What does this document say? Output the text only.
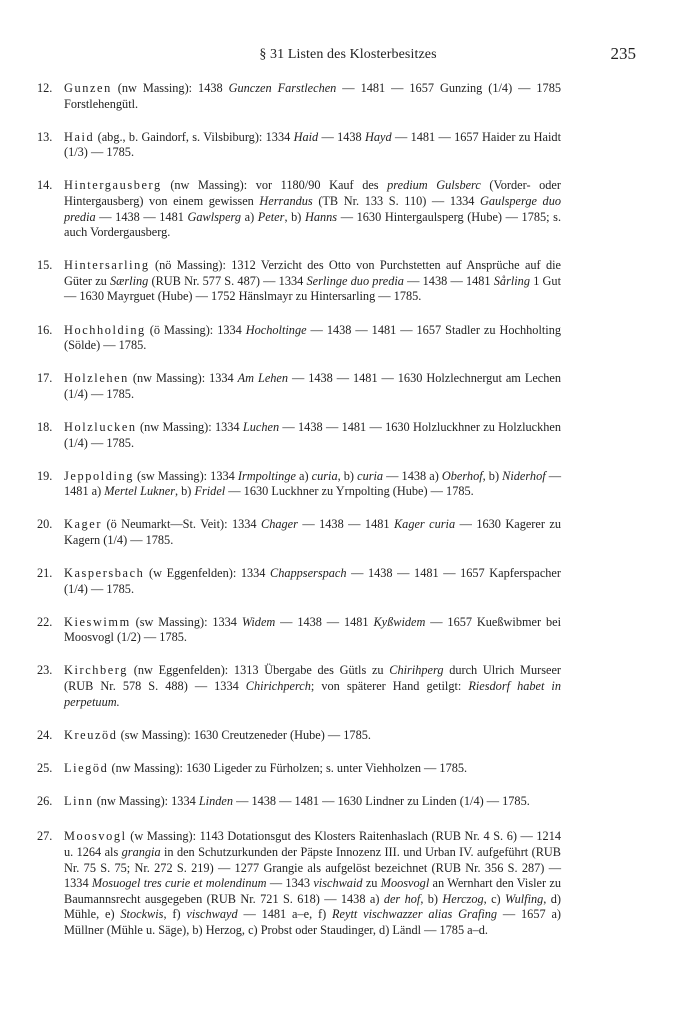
§ 31 Listen des Klosterbesitzes	235
12. Gunzen (nw Massing): 1438 Gunczen Farstlechen — 1481 — 1657 Gunzing (1/4) — 1785 Forstlehengütl.
13. Haid (abg., b. Gaindorf, s. Vilsbiburg): 1334 Haid — 1438 Hayd — 1481 — 1657 Haider zu Haidt (1/3) — 1785.
14. Hintergausberg (nw Massing): vor 1180/90 Kauf des predium Gulsberc (Vorder- oder Hintergausberg) von einem gewissen Herrandus (TB Nr. 133 S. 110) — 1334 Gaulsperge duo predia — 1438 — 1481 Gawlsperg a) Peter, b) Hanns — 1630 Hintergaulsperg (Hube) — 1785; s. auch Vordergausberg.
15. Hintersarling (nö Massing): 1312 Verzicht des Otto von Purchstetten auf Ansprüche auf die Güter zu Særling (RUB Nr. 577 S. 487) — 1334 Serlinge duo predia — 1438 — 1481 Sårling 1 Gut — 1630 Mayrguet (Hube) — 1752 Hänslmayr zu Hintersarling — 1785.
16. Hochholding (ö Massing): 1334 Hocholtinge — 1438 — 1481 — 1657 Stadler zu Hochholting (Sölde) — 1785.
17. Holzlehen (nw Massing): 1334 Am Lehen — 1438 — 1481 — 1630 Holzlechnergut am Lechen (1/4) — 1785.
18. Holzlucken (nw Massing): 1334 Luchen — 1438 — 1481 — 1630 Holzluckhner zu Holzluckhen (1/4) — 1785.
19. Jeppolding (sw Massing): 1334 Irmpoltinge a) curia, b) curia — 1438 a) Oberhof, b) Niderhof — 1481 a) Mertel Lukner, b) Fridel — 1630 Luckhner zu Yrnpolting (Hube) — 1785.
20. Kager (ö Neumarkt—St. Veit): 1334 Chager — 1438 — 1481 Kager curia — 1630 Kagerer zu Kagern (1/4) — 1785.
21. Kaspersbach (w Eggenfelden): 1334 Chappserspach — 1438 — 1481 — 1657 Kapferspacher (1/4) — 1785.
22. Kieswimm (sw Massing): 1334 Widem — 1438 — 1481 Kyßwidem — 1657 Kueßwibmer bei Moosvogl (1/2) — 1785.
23. Kirchberg (nw Eggenfelden): 1313 Übergabe des Gütls zu Chirihperg durch Ulrich Murseer (RUB Nr. 578 S. 488) — 1334 Chirichperch; von späterer Hand getilgt: Riesdorf habet in perpetuum.
24. Kreuzöd (sw Massing): 1630 Creutzeneder (Hube) — 1785.
25. Liegöd (nw Massing): 1630 Ligeder zu Fürholzen; s. unter Viehholzen — 1785.
26. Linn (nw Massing): 1334 Linden — 1438 — 1481 — 1630 Lindner zu Linden (1/4) — 1785.
27. Moosvogl (w Massing): 1143 Dotationsgut des Klosters Raitenhaslach (RUB Nr. 4 S. 6) — 1214 u. 1264 als grangia in den Schutzurkunden der Päpste Innozenz III. und Urban IV. aufgeführt (RUB Nr. 75 S. 75; Nr. 272 S. 219) — 1277 Grangie als aufgelöst bezeichnet (RUB Nr. 356 S. 287) — 1334 Mosuogel tres curie et molendinum — 1343 vischwaid zu Moosvogl an Wernhart den Visler zu Baumannsrecht ausgegeben (RUB Nr. 721 S. 618) — 1438 a) der hof, b) Herczog, c) Wulfing, d) Mühle, e) Stockwis, f) vischwayd — 1481 a–e, f) Reytt vischwazzer alias Grafing — 1657 a) Müllner (Mühle u. Säge), b) Herzog, c) Probst oder Staudinger, d) Ländl — 1785 a–d.
